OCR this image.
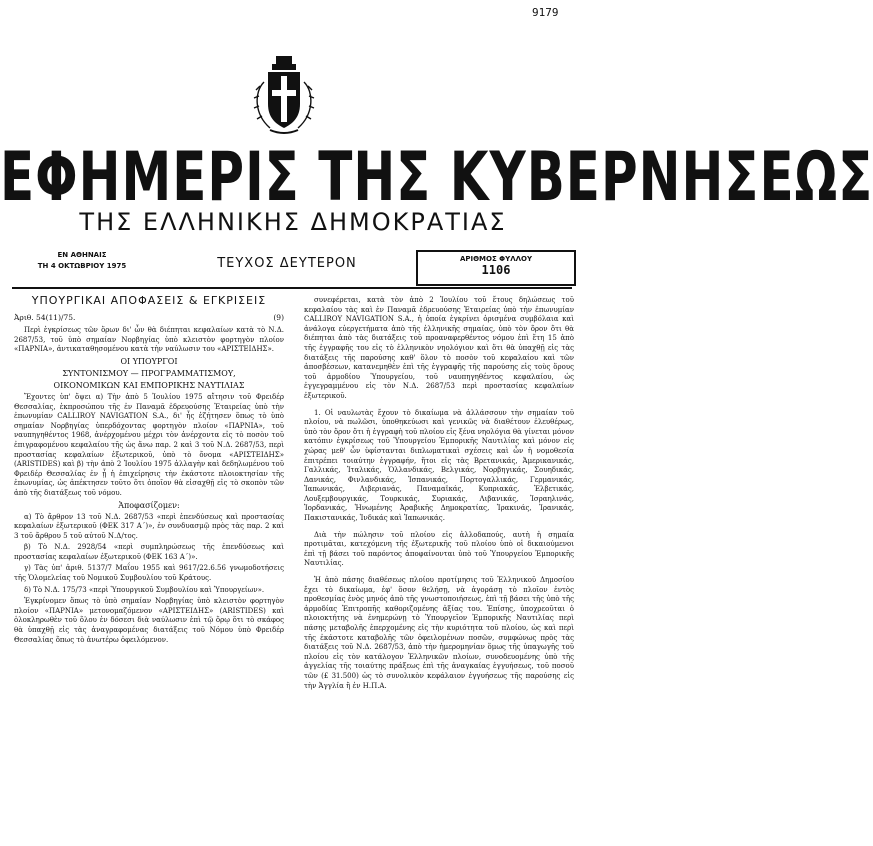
9179
ΕΦΗΜΕΡΙΣ ΤΗΣ ΚΥΒΕΡΝΗΣΕΩΣ
ΤΗΣ ΕΛΛΗΝΙΚΗΣ ΔΗΜΟΚΡΑΤΙΑΣ
ΕΝ ΑΘΗΝΑΙΣ
ΤΗ 4 ΟΚΤΩΒΡΙΟΥ 1975	ΤΕΥΧΟΣ ΔΕΥΤΕΡΟΝ	ΑΡΙΘΜΟΣ ΦΥΛΛΟΥ
1106
ΥΠΟΥΡΓΙΚΑΙ ΑΠΟΦΑΣΕΙΣ & ΕΓΚΡΙΣΕΙΣ
Ἀριθ. 54(11)/75.	(9)

Περὶ ἐγκρίσεως τῶν ὅρων δι' ὧν θὰ διέπηται κεφαλαίων κατὰ τὸ Ν.Δ. 2687/53, τοῦ ὑπὸ σημαίαν Νορβηγίας ὑπὸ κλειστὸν φορτηγὸν πλοίον «ΠΑΡΝΙΑ», ἀντικαταθησομένου κατὰ τὴν ναύλωσιν του «ΑΡΙΣΤΕΙΔΗΣ».

ΟΙ ΥΠΟΥΡΓΟΙ
ΣΥΝΤΟΝΙΣΜΟΥ — ΠΡΟΓΡΑΜΜΑΤΙΣΜΟΥ,
ΟΙΚΟΝΟΜΙΚΩΝ ΚΑΙ ΕΜΠΟΡΙΚΗΣ ΝΑΥΤΙΛΙΑΣ

Ἔχοντες ὑπ' ὄψει α) Τὴν ἀπὸ 5 Ἰουλίου 1975 αἴτησιν τοῦ Φρειδέρ Θεσσαλίας, ἐκπροσώπου τῆς ἐν Παναμᾶ ἐδρευούσης Ἑταιρείας ὑπὸ τὴν ἐπωνυμίαν CALLIROY NAVIGATION S.A., δι' ἧς ἐζήτησεν ὅπως τὸ ὑπὸ σημαίαν Νορβηγίας ὑπερδόχοντας φορτηγὸν πλοίον «ΠΑΡΝΙΑ», τοῦ ναυπηγηθέντος 1968, ἀνέρχομένου μέχρι τὸν ἀνέρχοντα εἰς τὸ ποσὸν τοῦ ἐπιγραφομένου κεφαλαίου τῆς ὡς ἄνω παρ. 2 καὶ 3 τοῦ Ν.Δ. 2687/53, περὶ προστασίας κεφαλαίων ἐξωτερικοῦ, ὑπὸ τὸ ὄνομα «ΑΡΙΣΤΕΙΔΗΣ» (ARISTIDES) καὶ β) τὴν ἀπὸ 2 Ἰουλίου 1975 ἀλλαγὴν καὶ δεδηλωμένου τοῦ Φρειδέρ Θεσσαλίας ἐν ᾗ ἡ ἐπιχείρησις τὴν ἐκάστοτε πλοιοκτησίαν τῆς ἐπωνυμίας, ὡς ἀπέκτησεν τοῦτο ὅτι ὁποῖον θὰ εἰσαχθῇ εἰς τὸ σκοπὸν τῶν ἀπὸ τῆς διατάξεως τοῦ νόμου.

Ἀποφασίζομεν:

α) Τὸ ἄρθρον 13 τοῦ Ν.Δ. 2687/53 «περὶ ἐπενδύσεως καὶ προστασίας κεφαλαίων ἐξωτερικοῦ (ΦΕΚ 317 Α΄)», ἐν συνδυασμῷ πρὸς τὰς παρ. 2 καὶ 3 τοῦ ἄρθρου 5 τοῦ αὐτοῦ Ν.Δ/τος.

β) Τὸ Ν.Δ. 2928/54 «περὶ συμπληρώσεως τῆς ἐπενδύσεως καὶ προστασίας κεφαλαίων ἐξωτερικοῦ (ΦΕΚ 163 Α΄)».

γ) Τὰς ὑπ' ἀριθ. 5137/7 Μαΐου 1955 καὶ 9617/22.6.56 γνωμοδοτήσεις τῆς Ὁλομελείας τοῦ Νομικοῦ Συμβουλίου τοῦ Κράτους.

δ) Τὸ Ν.Δ. 175/73 «περὶ Ὑπουργικοῦ Συμβουλίου καὶ Ὑπουργείων».

Ἐγκρίνομεν ὅπως τὸ ὑπὸ σημαίαν Νορβηγίας ὑπὸ κλειστὸν φορτηγὸν πλοίον «ΠΑΡΝΙΑ» μετονομαζόμενον «ΑΡΙΣΤΕΙΔΗΣ» (ARISTIDES) καὶ ὁλοκληρωθὲν τοῦ ὅλου ἐν δόσεσι διὰ ναύλωσιν ἐπὶ τῷ ὅρῳ ὅτι τὸ σκάφος θὰ ὑπαχθῇ εἰς τὰς ἀναγραφομένας διατάξεις τοῦ Νόμου ὑπὸ Φρειδέρ Θεσσαλίας ὅπως τὸ ἀνωτέρω ὀφειλόμενον.

συνεφέρεται, κατὰ τὸν ἀπὸ 2 Ἰουλίου τοῦ ἔτους δηλώσεως τοῦ κεφαλαίου τὰς καὶ ἐν Παναμᾶ ἐδρευούσης Ἑταιρείας ὑπὸ τὴν ἐπωνυμίαν CALLIROY NAVIGATION S.A., ἡ ὁποία ἐγκρίνει ὁρισμένα συμβόλαια καὶ ἀνάλογα εὐεργετήματα ἀπὸ τῆς ἑλληνικῆς σημαίας, ὑπὸ τὸν ὅρον ὅτι θὰ διέπηται ἀπὸ τὰς διατάξεις τοῦ προαναφερθέντος νόμου ἐπὶ ἔτη 15 ἀπὸ τῆς ἐγγραφῆς του εἰς τὸ ἑλληνικὸν νηολόγιον καὶ ὅτι θὰ ὑπαχθῇ εἰς τὰς διατάξεις τῆς παρούσης καθ' ὅλον τὸ ποσὸν τοῦ κεφαλαίου καὶ τῶν ἀποσβέσεων, κατανεμηθὲν ἐπὶ τῆς ἐγγραφῆς τῆς παρούσης εἰς τοὺς ὅρους τοῦ ἀρμοδίου Ὑπουργείου, τοῦ ναυπηγηθέντος κεφαλαίου, ὡς ἐγγεγραμμένου εἰς τὸν Ν.Δ. 2687/53 περὶ προστασίας κεφαλαίων ἐξωτερικοῦ.

1. Οἱ ναυλωτὰς ἔχουν τὸ δικαίωμα νὰ ἀλλάσσουν τὴν σημαίαν τοῦ πλοίου, νὰ πωλῶσι, ὑποθηκεύωσι καὶ γενικῶς νὰ διαθέτουν ἐλευθέρως, ὑπὸ τὸν ὅρον ὅτι ἡ ἐγγραφὴ τοῦ πλοίου εἰς ξένα νηολόγια θὰ γίνεται μόνον κατόπιν ἐγκρίσεως τοῦ Ὑπουργείου Ἐμπορικῆς Ναυτιλίας καὶ μόνον εἰς χώρας μεθ' ὧν ὑφίστανται διπλωματικαὶ σχέσεις καὶ ὧν ἡ νομοθεσία ἐπιτρέπει τοιαύτην ἐγγραφήν, ἤτοι εἰς τὰς Βρετανικάς, Ἀμερικανικάς, Γαλλικάς, Ἰταλικάς, Ὁλλανδικάς, Βελγικάς, Νορβηγικάς, Σουηδικάς, Δανικάς, Φινλανδικάς, Ἰσπανικάς, Πορτογαλλικάς, Γερμανικάς, Ἰαπωνικάς, Λιβεριανάς, Παναμαϊκάς, Κυπριακάς, Ἑλβετικάς, Λουξεμβουργικάς, Τουρκικάς, Συριακάς, Λιβανικάς, Ἰσραηλινάς, Ἰορδανικάς, Ἡνωμένης Ἀραβικῆς Δημοκρατίας, Ἰρακινάς, Ἰρανικάς, Πακιστανικάς, Ἰνδικάς καὶ Ἰαπωνικάς.

Διὰ τὴν πώλησιν τοῦ πλοίου εἰς ἀλλοδαπούς, αυτὴ ἡ σημαία προτιμᾶται, κατεχόμενη τῆς ἐξωτερικῆς τοῦ πλοίου ὑπὸ οἱ δικαιούμενοι ἐπὶ τῇ βάσει τοῦ παρόντος ἀποφαίνονται ὑπὸ τοῦ Ὑπουργείου Ἐμπορικῆς Ναυτιλίας.

Ἡ ἀπὸ πάσης διαθέσεως πλοίου προτίμησις τοῦ Ἑλληνικοῦ Δημοσίου ἔχει τὸ δικαίωμα, ἐφ' ὅσον θελήσῃ, νὰ ἀγοράσῃ τὸ πλοῖον ἐντὸς προθεσμίας ἑνὸς μηνός ἀπὸ τῆς γνωστοποιήσεως, ἐπὶ τῇ βάσει τῆς ὑπὸ τῆς ἀρμοδίας Ἐπιτροπῆς καθοριζομένης ἀξίας του. Ἐπίσης, ὑποχρεοῦται ὁ πλοιοκτήτης νὰ ἐνημερώνῃ τὸ Ὑπουργεῖον Ἐμπορικῆς Ναυτιλίας περὶ πάσης μεταβολῆς ἐπερχομένης εἰς τὴν κυριότητα τοῦ πλοίου, ὡς καὶ περὶ τῆς ἐκάστοτε καταβολῆς τῶν ὀφειλομένων ποσῶν, συμφώνως πρὸς τὰς διατάξεις τοῦ Ν.Δ. 2687/53, ἀπὸ τὴν ἡμερομηνίαν ὅμως τῆς ὑπαγωγῆς τοῦ πλοίου εἰς τὸν κατάλογον Ἑλληνικῶν πλοίων, συνοδευομένης ὑπὸ τῆς ἀγγελίας τῆς τοιαύτης πράξεως ἐπὶ τῆς ἀναγκαίας ἐγγυήσεως, τοῦ ποσοῦ τῶν (£ 31.500) ὡς τὸ συνολικὸν κεφάλαιον ἐγγυήσεως τῆς παρούσης εἰς τὴν Ἀγγλία ἢ ἐν Η.Π.Α.
